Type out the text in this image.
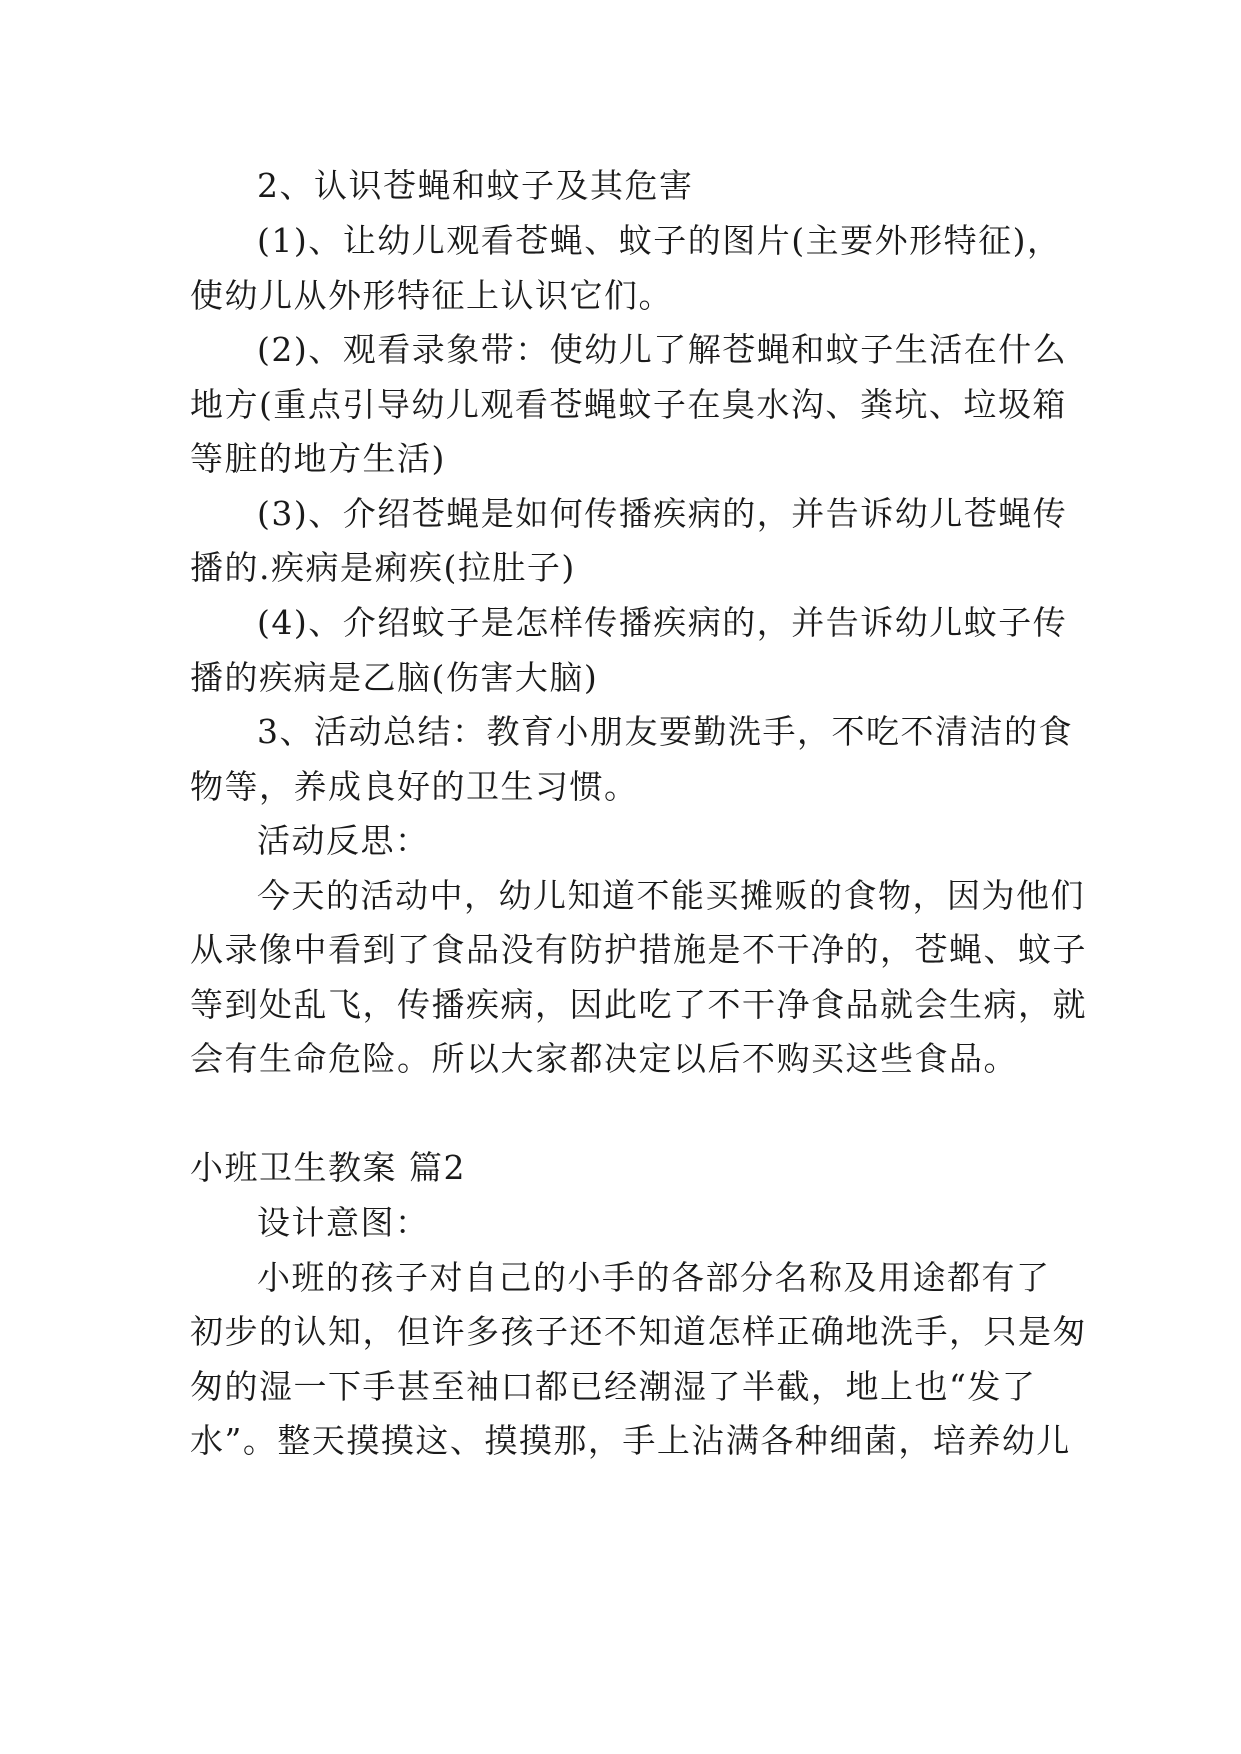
2、认识苍蝇和蚊子及其危害

(1)、让幼儿观看苍蝇、蚊子的图片(主要外形特征)，

使幼儿从外形特征上认识它们。

(2)、观看录象带：使幼儿了解苍蝇和蚊子生活在什么

地方(重点引导幼儿观看苍蝇蚊子在臭水沟、粪坑、垃圾箱

等脏的地方生活)

(3)、介绍苍蝇是如何传播疾病的，并告诉幼儿苍蝇传

播的.疾病是痢疾(拉肚子)

(4)、介绍蚊子是怎样传播疾病的，并告诉幼儿蚊子传

播的疾病是乙脑(伤害大脑)

3、活动总结：教育小朋友要勤洗手，不吃不清洁的食

物等，养成良好的卫生习惯。

活动反思：

今天的活动中，幼儿知道不能买摊贩的食物，因为他们

从录像中看到了食品没有防护措施是不干净的，苍蝇、蚊子

等到处乱飞，传播疾病，因此吃了不干净食品就会生病，就

会有生命危险。所以大家都决定以后不购买这些食品。

小班卫生教案 篇2

设计意图：

小班的孩子对自己的小手的各部分名称及用途都有了

初步的认知，但许多孩子还不知道怎样正确地洗手，只是匆

匆的湿一下手甚至袖口都已经潮湿了半截，地上也“发了

水”。整天摸摸这、摸摸那，手上沾满各种细菌，培养幼儿
